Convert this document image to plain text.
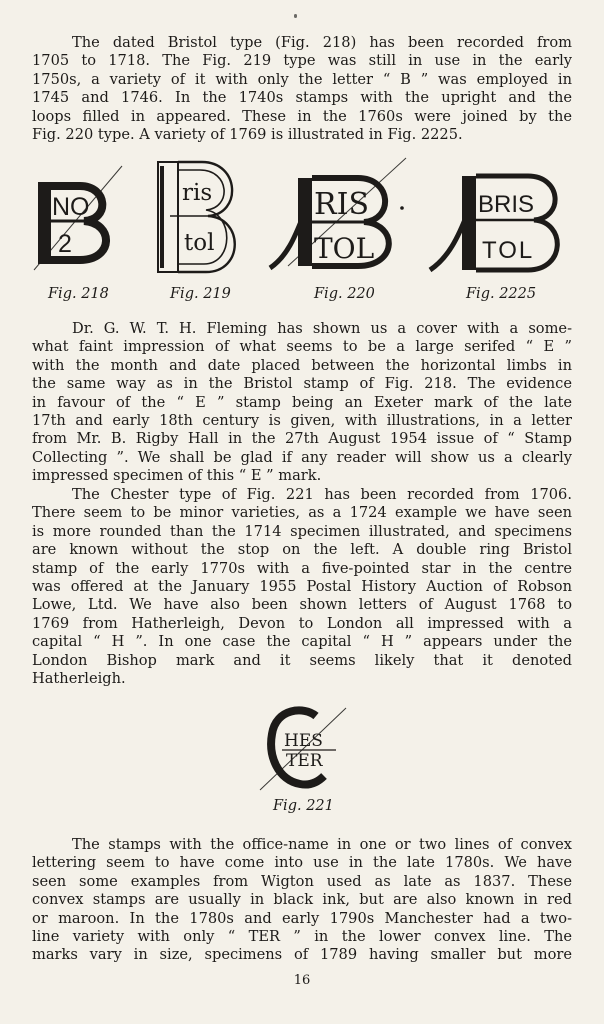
The dated Bristol type (Fig. 218) has been recorded from
1705 to 1718. The Fig. 219 type was still in use in the early
1750s, a variety of it with only the letter “ B ” was employed in
1745 and 1746. In the 1740s stamps with the upright and the
loops filled in appeared. These in the 1760s were joined by the
Fig. 220 type. A variety of 1769 is illustrated in Fig. 2225.
NO
2
Fig. 218
ris
tol
Fig. 219
RIS
TOL
Fig. 220
BRIS
TOL
Fig. 2225
Dr. G. W. T. H. Fleming has shown us a cover with a some-
what faint impression of what seems to be a large serifed “ E ”
with the month and date placed between the horizontal limbs in
the same way as in the Bristol stamp of Fig. 218. The evidence
in favour of the “ E ” stamp being an Exeter mark of the late
17th and early 18th century is given, with illustrations, in a letter
from Mr. B. Rigby Hall in the 27th August 1954 issue of “ Stamp
Collecting ”. We shall be glad if any reader will show us a clearly
impressed specimen of this “ E ” mark.
The Chester type of Fig. 221 has been recorded from 1706.
There seem to be minor varieties, as a 1724 example we have seen
is more rounded than the 1714 specimen illustrated, and specimens
are known without the stop on the left. A double ring Bristol
stamp of the early 1770s with a five-pointed star in the centre
was offered at the January 1955 Postal History Auction of Robson
Lowe, Ltd. We have also been shown letters of August 1768 to
1769 from Hatherleigh, Devon to London all impressed with a
capital “ H ”. In one case the capital “ H ” appears under the
London Bishop mark and it seems likely that it denoted
Hatherleigh.
HES
TER
Fig. 221
The stamps with the office-name in one or two lines of convex
lettering seem to have come into use in the late 1780s. We have
seen some examples from Wigton used as late as 1837. These
convex stamps are usually in black ink, but are also known in red
or maroon. In the 1780s and early 1790s Manchester had a two-
line variety with only “ TER ” in the lower convex line. The
marks vary in size, specimens of 1789 having smaller but more
16
